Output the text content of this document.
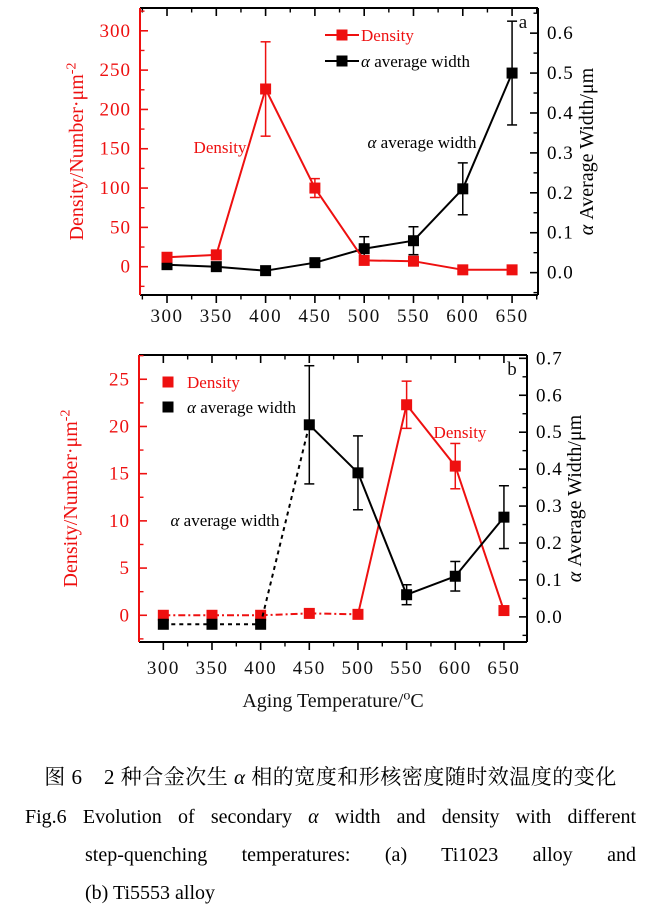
300 350 400 450 500 550 600 650
0
50
100
150
200
250
300
0.0
0.1
0.2
0.3
0.4
0.5
0.6
Density/Number·μm-2
α Average Width/μm
Density
α average width
Density	α average width
a
300 350 400 450 500 550 600 650
0
5
10
15
20
25
0.0
0.1
0.2
0.3
0.4
0.5
0.6
0.7
Density/Number·μm-2
α Average Width/μm
Aging Temperature/$^o$C
Density
α average width
α average width
Density
b
图 6　2 种合金次生 α 相的宽度和形核密度随时效温度的变化
Fig.6 Evolution of secondary α width and density with different
step-quenching temperatures: (a) Ti1023 alloy and
(b) Ti5553 alloy
